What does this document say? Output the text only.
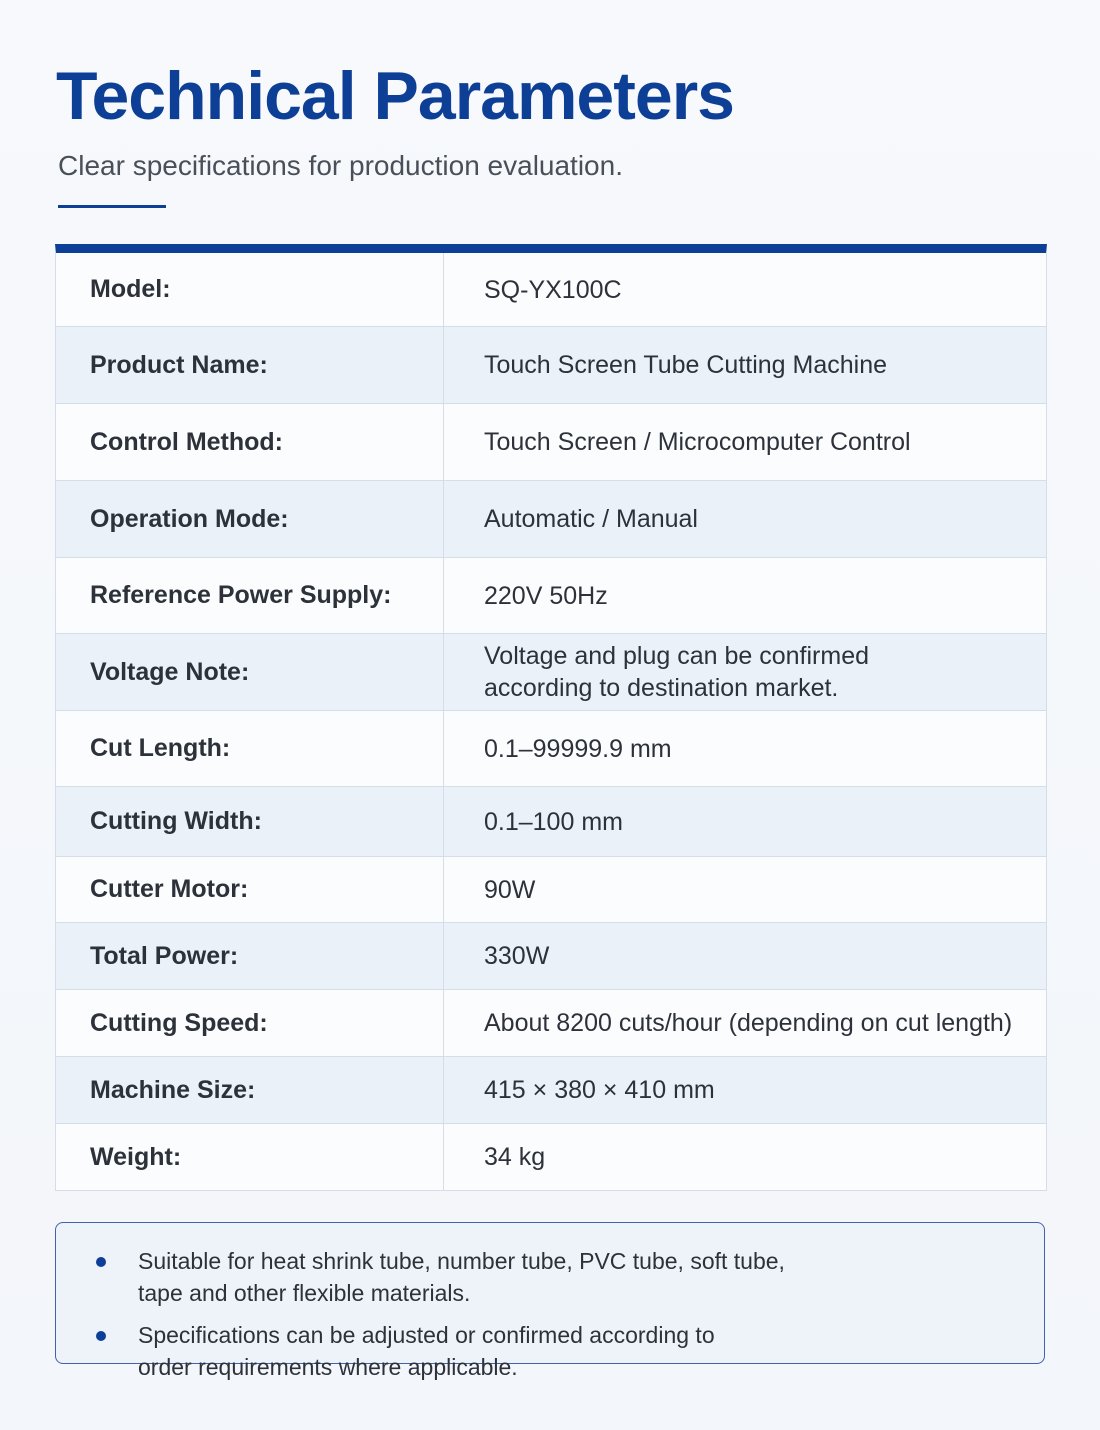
Technical Parameters

Clear specifications for production evaluation.

Model:	SQ-YX100C
Product Name:	Touch Screen Tube Cutting Machine
Control Method:	Touch Screen / Microcomputer Control
Operation Mode:	Automatic / Manual
Reference Power Supply:	220V 50Hz
Voltage Note:
Voltage and plug can be confirmed
according to destination market.
Cut Length:	0.1–99999.9 mm
Cutting Width:	0.1–100 mm
Cutter Motor:	90W
Total Power:	330W
Cutting Speed:	About 8200 cuts/hour (depending on cut length)
Machine Size:	415 × 380 × 410 mm
Weight:	34 kg
Suitable for heat shrink tube, number tube, PVC tube, soft tube,
tape and other flexible materials.
Specifications can be adjusted or confirmed according to
order requirements where applicable.
